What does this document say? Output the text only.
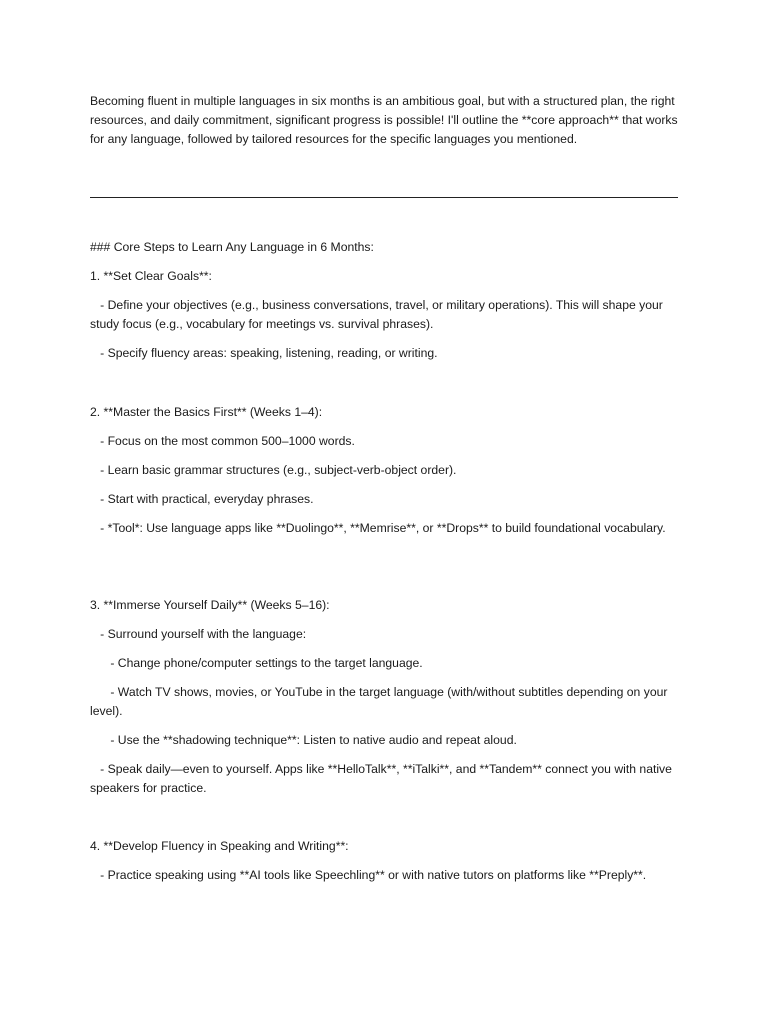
Becoming fluent in multiple languages in six months is an ambitious goal, but with a structured plan, the right resources, and daily commitment, significant progress is possible! I'll outline the **core approach** that works for any language, followed by tailored resources for the specific languages you mentioned.

### Core Steps to Learn Any Language in 6 Months:

1. **Set Clear Goals**:

- Define your objectives (e.g., business conversations, travel, or military operations). This will shape your study focus (e.g., vocabulary for meetings vs. survival phrases).

- Specify fluency areas: speaking, listening, reading, or writing.

2. **Master the Basics First** (Weeks 1–4):

- Focus on the most common 500–1000 words.

- Learn basic grammar structures (e.g., subject-verb-object order).

- Start with practical, everyday phrases.

- *Tool*: Use language apps like **Duolingo**, **Memrise**, or **Drops** to build foundational vocabulary.

3. **Immerse Yourself Daily** (Weeks 5–16):

- Surround yourself with the language:

- Change phone/computer settings to the target language.

- Watch TV shows, movies, or YouTube in the target language (with/without subtitles depending on your level).

- Use the **shadowing technique**: Listen to native audio and repeat aloud.

- Speak daily—even to yourself. Apps like **HelloTalk**, **iTalki**, and **Tandem** connect you with native speakers for practice.

4. **Develop Fluency in Speaking and Writing**:

- Practice speaking using **AI tools like Speechling** or with native tutors on platforms like **Preply**.
